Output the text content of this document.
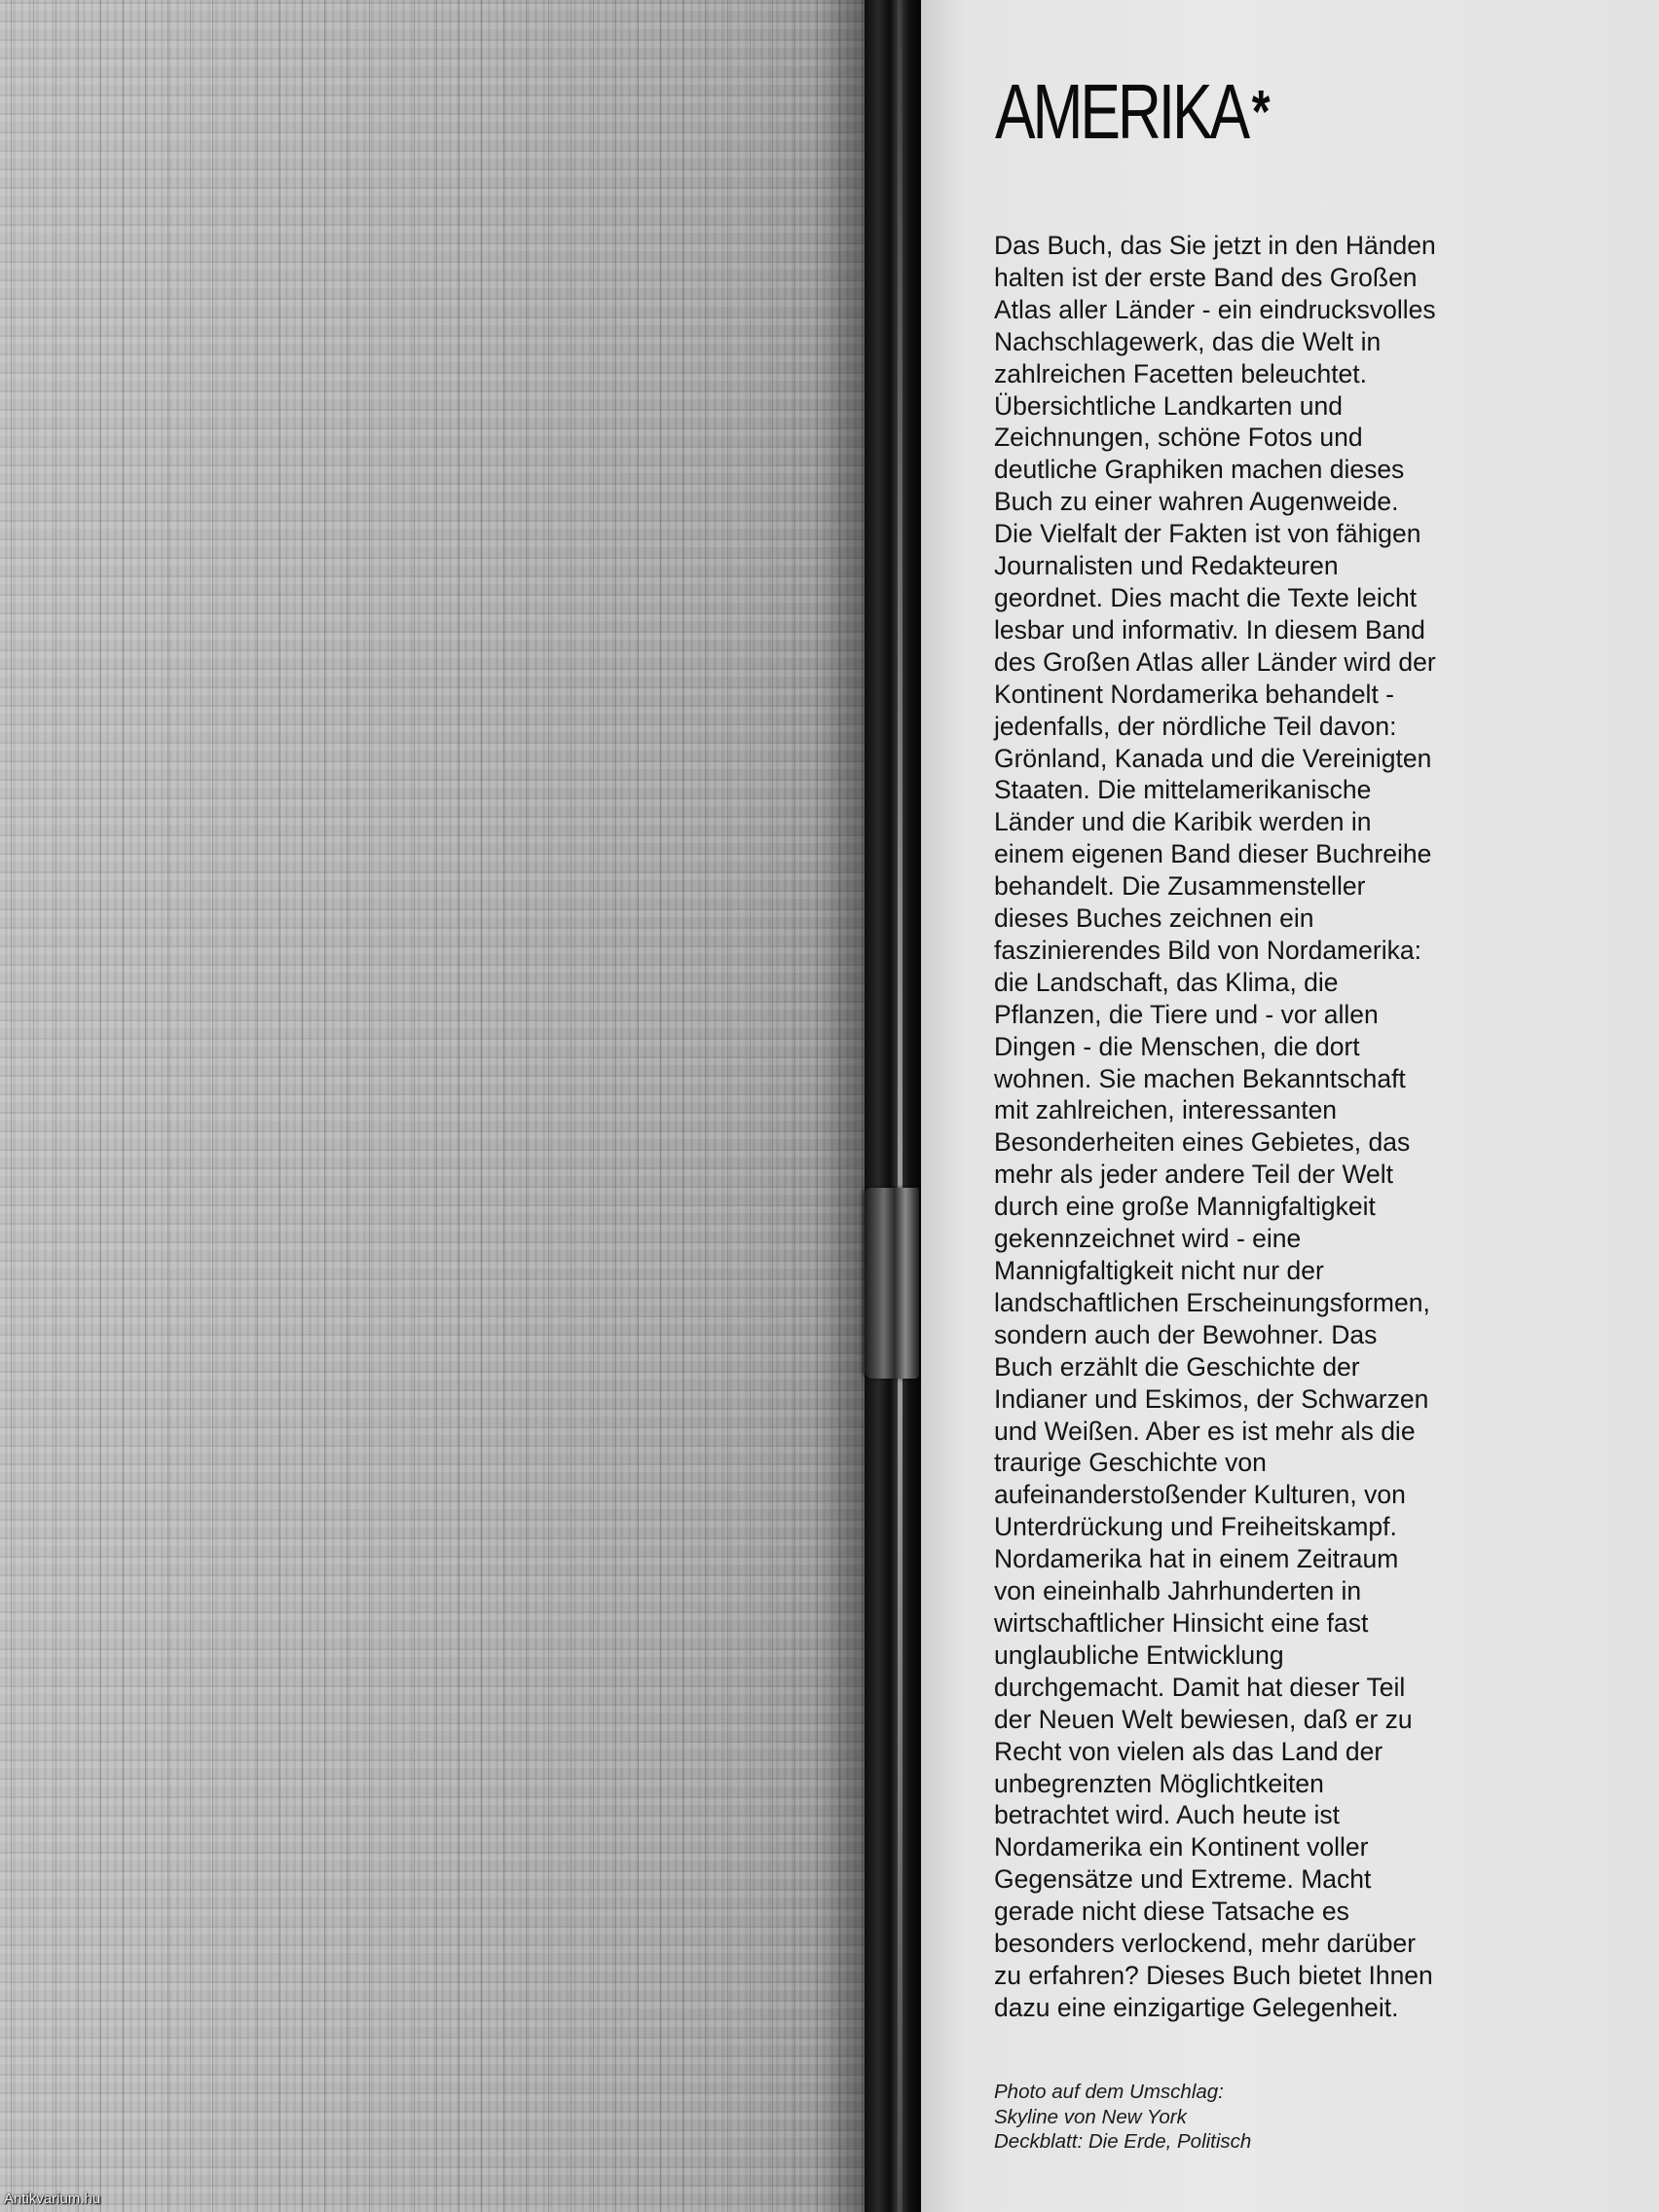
AMERIKA*
Das Buch, das Sie jetzt in den Händen
halten ist der erste Band des Großen
Atlas aller Länder - ein eindrucksvolles
Nachschlagewerk, das die Welt in
zahlreichen Facetten beleuchtet.
Übersichtliche Landkarten und
Zeichnungen, schöne Fotos und
deutliche Graphiken machen dieses
Buch zu einer wahren Augenweide.
Die Vielfalt der Fakten ist von fähigen
Journalisten und Redakteuren
geordnet. Dies macht die Texte leicht
lesbar und informativ. In diesem Band
des Großen Atlas aller Länder wird der
Kontinent Nordamerika behandelt -
jedenfalls, der nördliche Teil davon:
Grönland, Kanada und die Vereinigten
Staaten. Die mittelamerikanische
Länder und die Karibik werden in
einem eigenen Band dieser Buchreihe
behandelt. Die Zusammensteller
dieses Buches zeichnen ein
faszinierendes Bild von Nordamerika:
die Landschaft, das Klima, die
Pflanzen, die Tiere und - vor allen
Dingen - die Menschen, die dort
wohnen. Sie machen Bekanntschaft
mit zahlreichen, interessanten
Besonderheiten eines Gebietes, das
mehr als jeder andere Teil der Welt
durch eine große Mannigfaltigkeit
gekennzeichnet wird - eine
Mannigfaltigkeit nicht nur der
landschaftlichen Erscheinungsformen,
sondern auch der Bewohner. Das
Buch erzählt die Geschichte der
Indianer und Eskimos, der Schwarzen
und Weißen. Aber es ist mehr als die
traurige Geschichte von
aufeinanderstoßender Kulturen, von
Unterdrückung und Freiheitskampf.
Nordamerika hat in einem Zeitraum
von eineinhalb Jahrhunderten in
wirtschaftlicher Hinsicht eine fast
unglaubliche Entwicklung
durchgemacht. Damit hat dieser Teil
der Neuen Welt bewiesen, daß er zu
Recht von vielen als das Land der
unbegrenzten Möglichtkeiten
betrachtet wird. Auch heute ist
Nordamerika ein Kontinent voller
Gegensätze und Extreme. Macht
gerade nicht diese Tatsache es
besonders verlockend, mehr darüber
zu erfahren? Dieses Buch bietet Ihnen
dazu eine einzigartige Gelegenheit.
Photo auf dem Umschlag:
Skyline von New York
Deckblatt: Die Erde, Politisch
Antikvarium.hu
